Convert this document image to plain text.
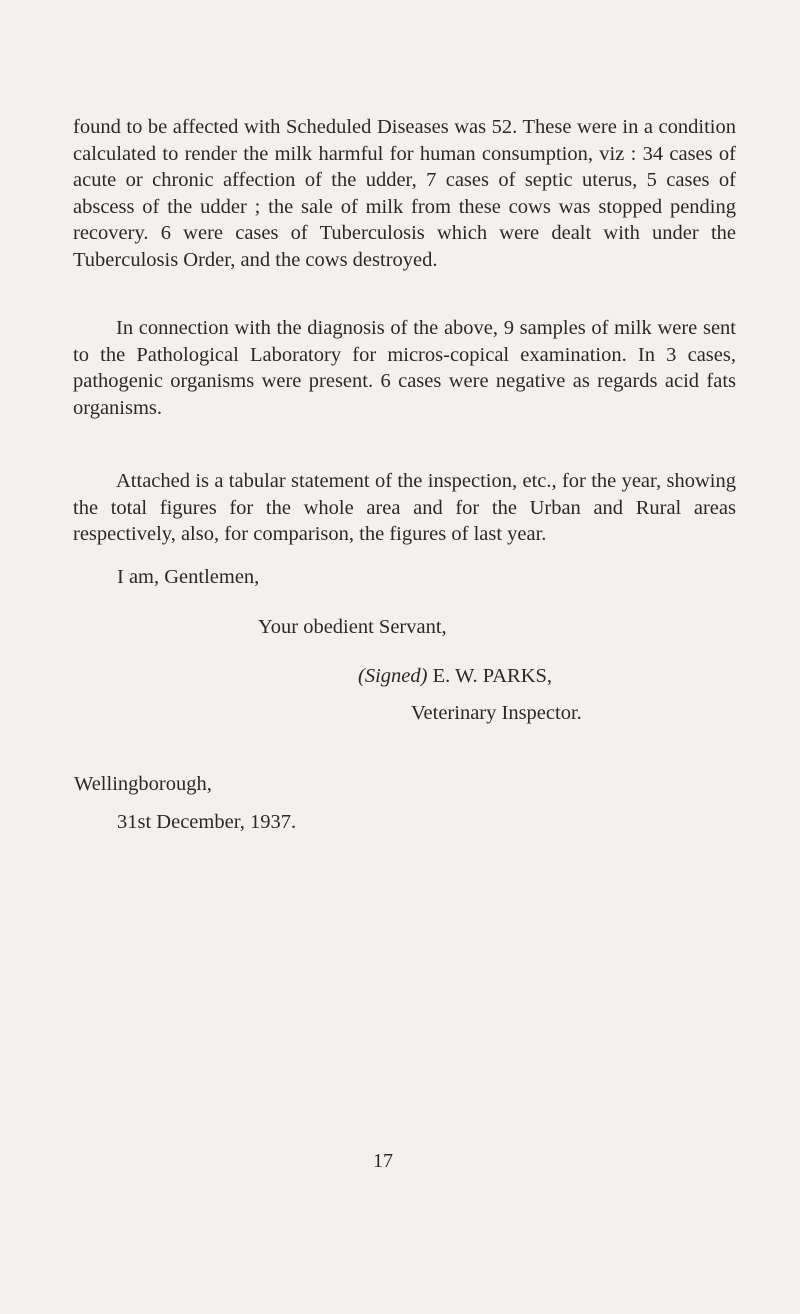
found to be affected with Scheduled Diseases was 52. These were in a condition calculated to render the milk harmful for human consumption, viz : 34 cases of acute or chronic affection of the udder, 7 cases of septic uterus, 5 cases of abscess of the udder ; the sale of milk from these cows was stopped pending recovery. 6 were cases of Tuberculosis which were dealt with under the Tuberculosis Order, and the cows destroyed.

In connection with the diagnosis of the above, 9 samples of milk were sent to the Pathological Laboratory for micros-copical examination. In 3 cases, pathogenic organisms were present. 6 cases were negative as regards acid fats organisms.

Attached is a tabular statement of the inspection, etc., for the year, showing the total figures for the whole area and for the Urban and Rural areas respectively, also, for comparison, the figures of last year.

I am, Gentlemen,

Your obedient Servant,

(Signed) E. W. PARKS,

Veterinary Inspector.

Wellingborough,

31st December, 1937.

17
